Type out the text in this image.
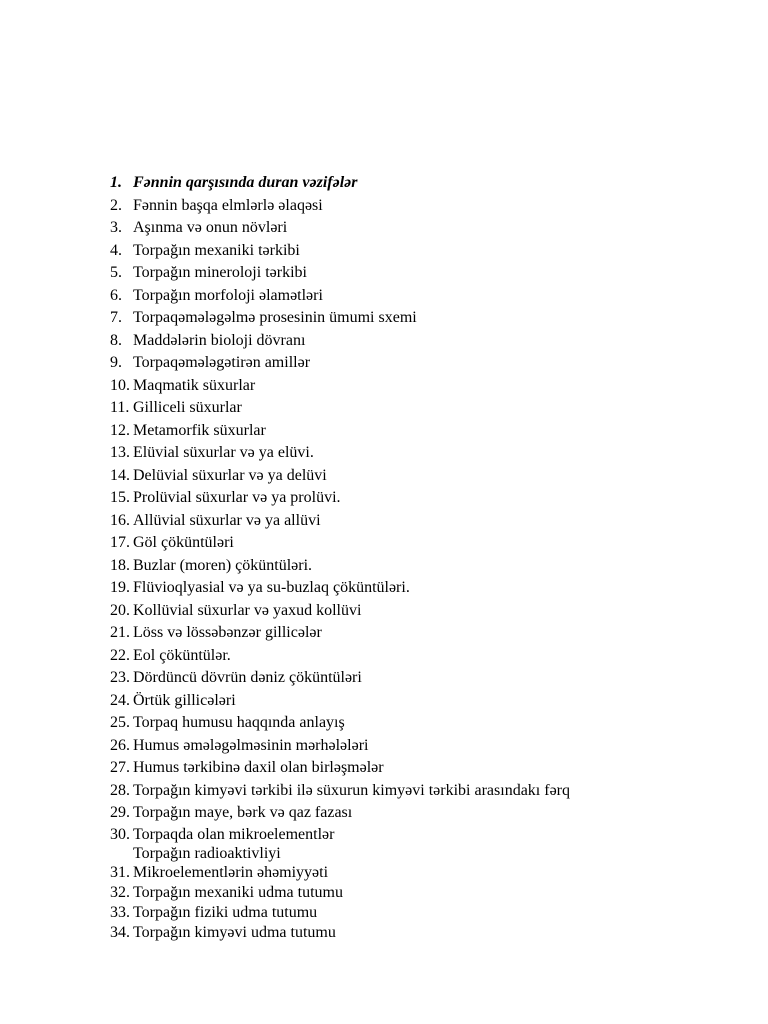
1. Fənnin qarşısında duran vəzifələr
2. Fənnin başqa elmlərlə əlaqəsi
3. Aşınma və onun növləri
4. Torpağın mexaniki tərkibi
5. Torpağın mineroloji tərkibi
6. Torpağın morfoloji əlamətləri
7. Torpaqəmələgəlmə prosesinin ümumi sxemi
8. Maddələrin bioloji dövranı
9. Torpaqəmələgətirən amillər
10. Maqmatik süxurlar
11. Gilliceli süxurlar
12. Metamorfik süxurlar
13. Elüvial süxurlar və ya elüvi.
14. Delüvial süxurlar və ya delüvi
15. Prolüvial süxurlar və ya prolüvi.
16. Allüvial süxurlar və ya allüvi
17. Göl çöküntüləri
18. Buzlar (moren) çöküntüləri.
19. Flüvioqlyasial və ya su-buzlaq çöküntüləri.
20. Kollüvial süxurlar və yaxud kollüvi
21. Löss və lössəbənzər gillicələr
22. Eol çöküntülər.
23. Dördüncü dövrün dəniz çöküntüləri
24. Örtük gillicələri
25. Torpaq humusu haqqında anlayış
26. Humus əmələgəlməsinin mərhələləri
27. Humus tərkibinə daxil olan birləşmələr
28. Torpağın kimyəvi tərkibi ilə süxurun kimyəvi tərkibi arasındakı fərq
29. Torpağın maye, bərk və qaz fazası
30. Torpaqda olan mikroelementlər
Torpağın radioaktivliyi
31. Mikroelementlərin əhəmiyyəti
32. Torpağın mexaniki udma tutumu
33. Torpağın fiziki udma tutumu
34. Torpağın kimyəvi udma tutumu
